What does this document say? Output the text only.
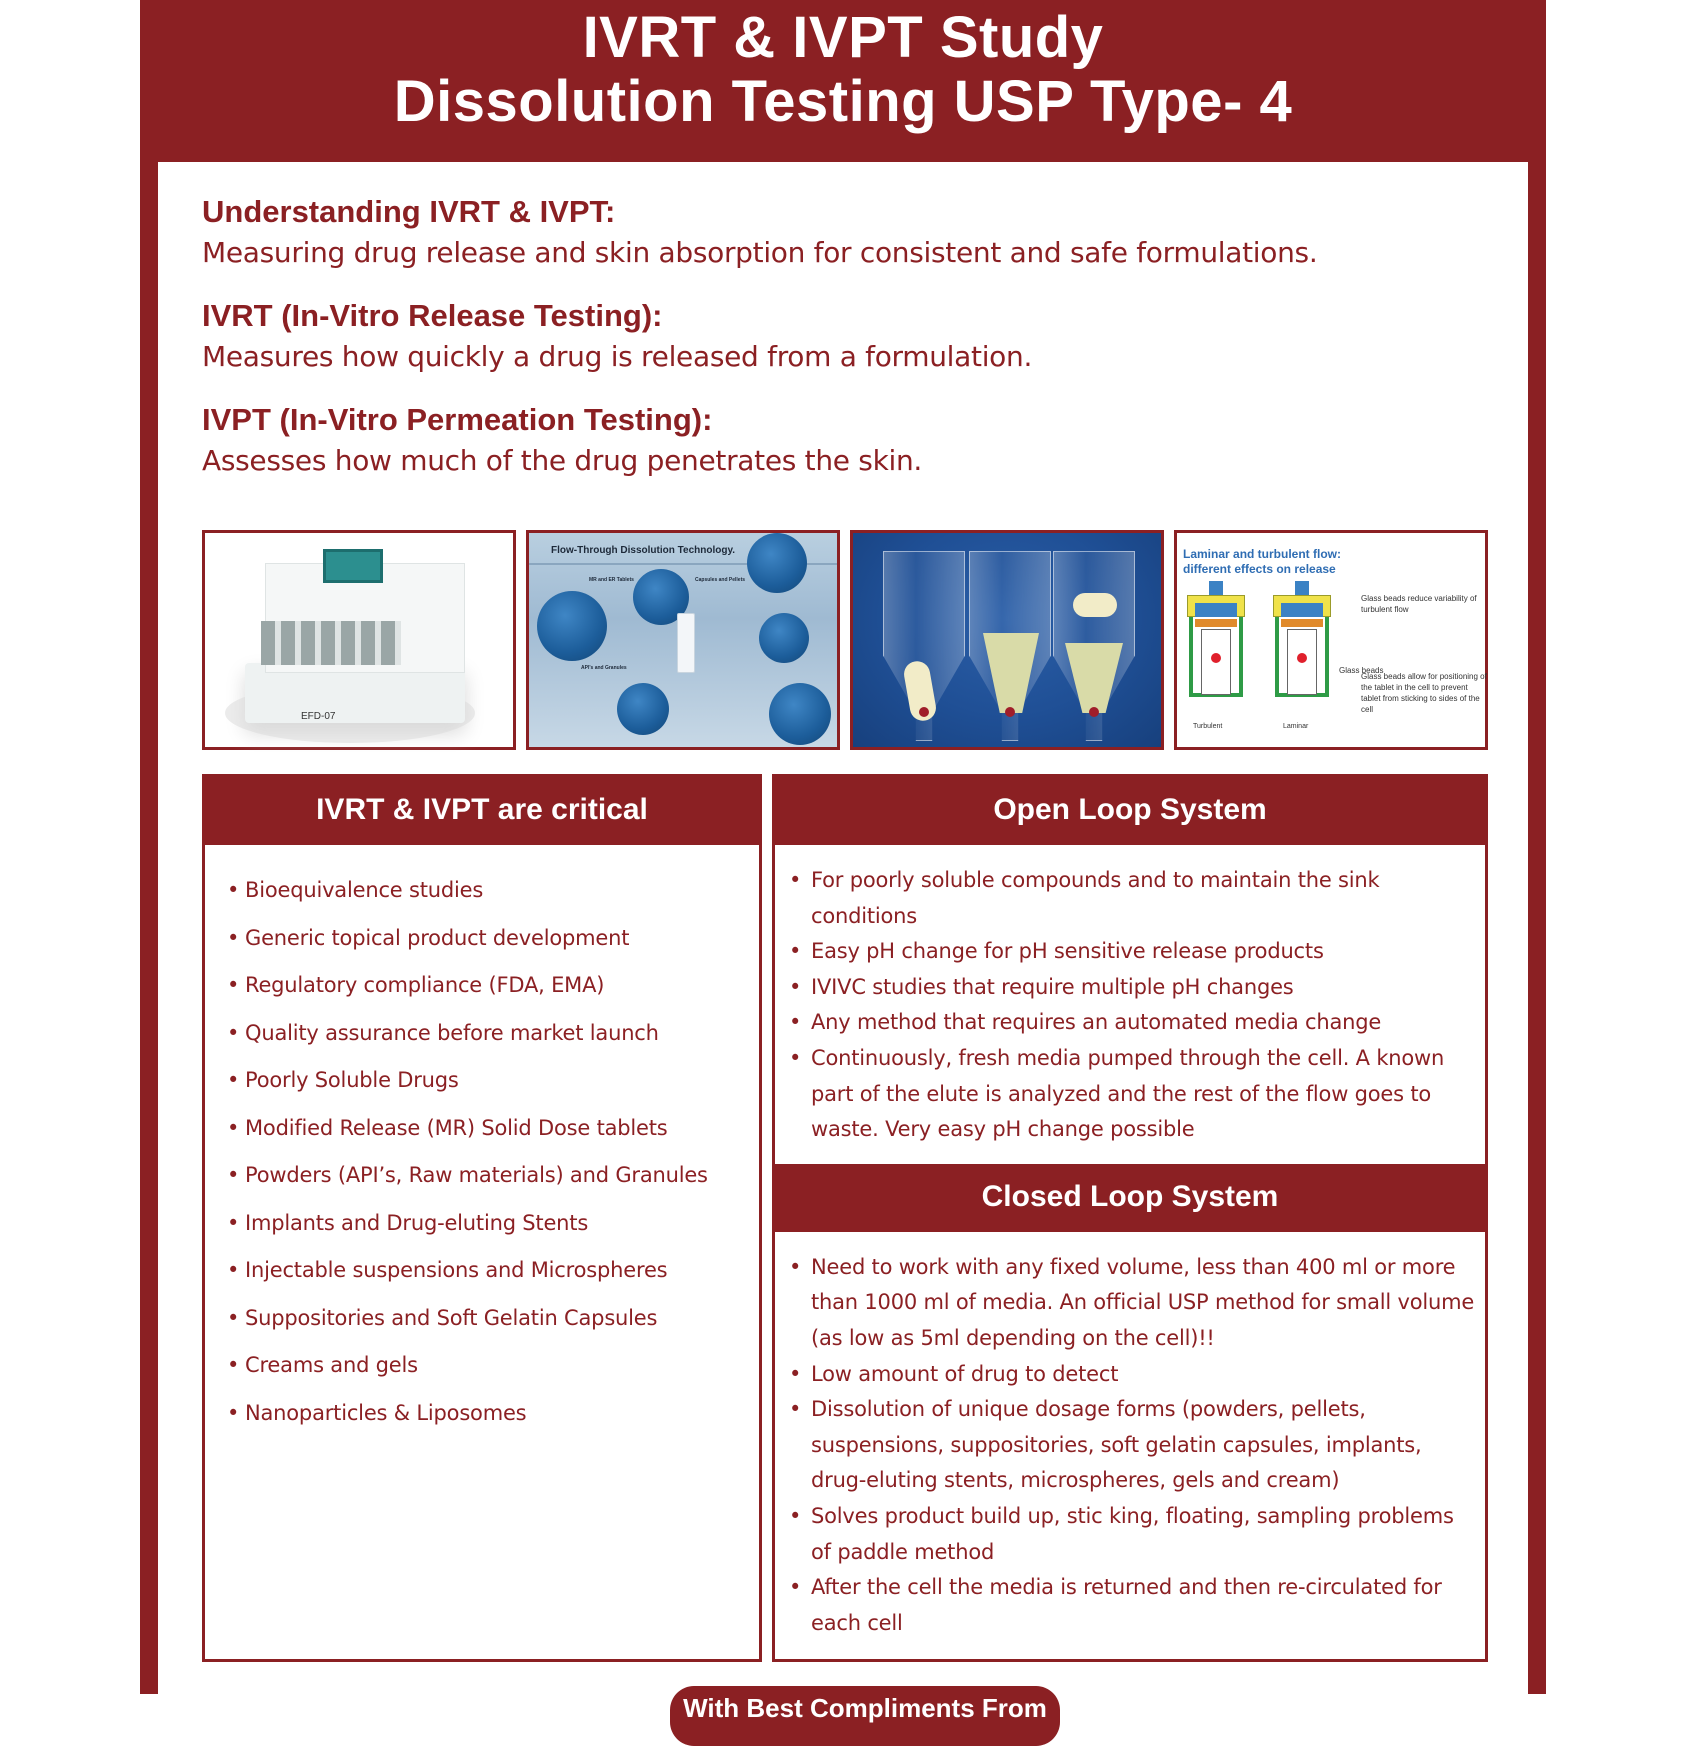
IVRT & IVPT Study
Dissolution Testing USP Type- 4
Understanding IVRT & IVPT:
Measuring drug release and skin absorption for consistent and safe formulations.
IVRT (In-Vitro Release Testing):
Measures how quickly a drug is released from a formulation.
IVPT (In-Vitro Permeation Testing):
Assesses how much of the drug penetrates the skin.
EFD-07
Flow-Through Dissolution Technology.
MR and ER Tablets	Capsules and Pellets
API's and Granules
Laminar and turbulent flow:
different effects on release
Glass beads reduce variability of turbulent flow
Glass beads
Glass beads allow for positioning of the tablet in the cell to prevent tablet from sticking to sides of the cell
Turbulent	Laminar
IVRT & IVPT are critical
• Bioequivalence studies
• Generic topical product development
• Regulatory compliance (FDA, EMA)
• Quality assurance before market launch
• Poorly Soluble Drugs
• Modified Release (MR) Solid Dose tablets
• Powders (API’s, Raw materials) and Granules
• Implants and Drug-eluting Stents
• Injectable suspensions and Microspheres
• Suppositories and Soft Gelatin Capsules
• Creams and gels
• Nanoparticles & Liposomes
Open Loop System
• For poorly soluble compounds and to maintain the sink conditions
• Easy pH change for pH sensitive release products
• IVIVC studies that require multiple pH changes
• Any method that requires an automated media change
• Continuously, fresh media pumped through the cell. A known part of the elute is analyzed and the rest of the flow goes to waste. Very easy pH change possible
Closed Loop System
• Need to work with any fixed volume, less than 400 ml or more than 1000 ml of media. An official USP method for small volume (as low as 5ml depending on the cell)!!
• Low amount of drug to detect
• Dissolution of unique dosage forms (powders, pellets, suspensions, suppositories, soft gelatin capsules, implants, drug-eluting stents, microspheres, gels and cream)
• Solves product build up, stic king, floating, sampling problems of paddle method
• After the cell the media is returned and then re-circulated for each cell
With Best Compliments From
